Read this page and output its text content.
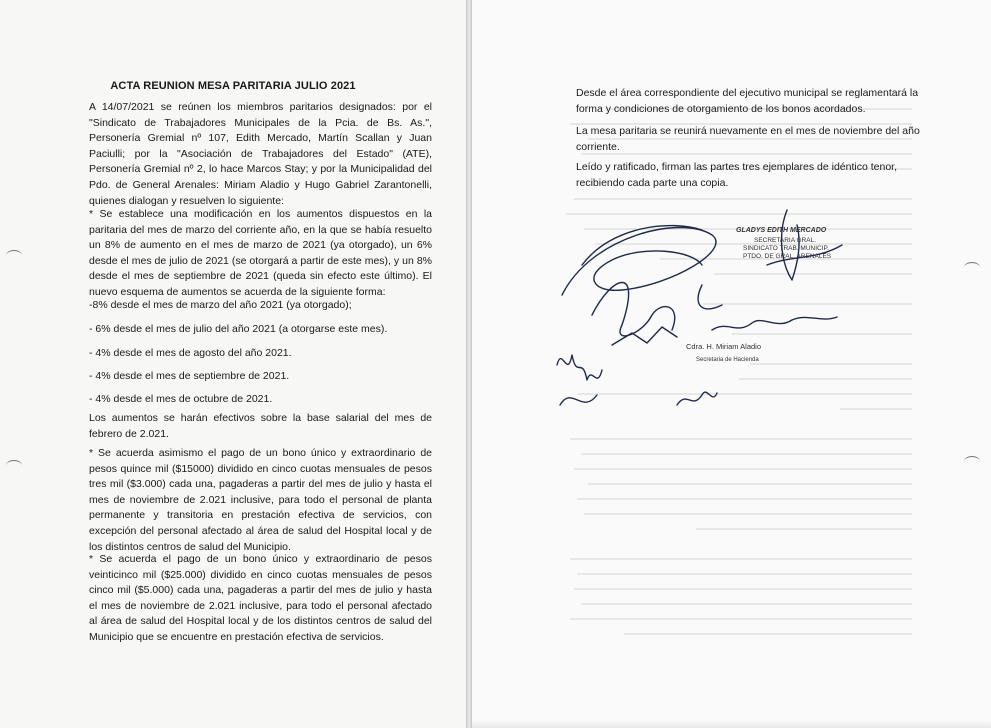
ACTA REUNION MESA PARITARIA JULIO 2021

A 14/07/2021 se reúnen los miembros paritarios designados: por el "Sindicato de Trabajadores Municipales de la Pcia. de Bs. As.", Personería Gremial nº 107, Edith Mercado, Martín Scallan y Juan Paciulli; por la "Asociación de Trabajadores del Estado" (ATE), Personería Gremial nº 2, lo hace Marcos Stay; y por la Municipalidad del Pdo. de General Arenales: Miriam Aladio y Hugo Gabriel Zarantonelli, quienes dialogan y resuelven lo siguiente:

* Se establece una modificación en los aumentos dispuestos en la paritaria del mes de marzo del corriente año, en la que se había resuelto un 8% de aumento en el mes de marzo de 2021 (ya otorgado), un 6% desde el mes de julio de 2021 (se otorgará a partir de este mes), y un 8% desde el mes de septiembre de 2021 (queda sin efecto este último). El nuevo esquema de aumentos se acuerda de la siguiente forma:

-8% desde el mes de marzo del año 2021 (ya otorgado);
- 6% desde el mes de julio del año 2021 (a otorgarse este mes).
- 4% desde el mes de agosto del año 2021.
- 4% desde el mes de septiembre de 2021.
- 4% desde el mes de octubre de 2021.

Los aumentos se harán efectivos sobre la base salarial del mes de febrero de 2.021.

* Se acuerda asimismo el pago de un bono único y extraordinario de pesos quince mil ($15000) dividido en cinco cuotas mensuales de pesos tres mil ($3.000) cada una, pagaderas a partir del mes de julio y hasta el mes de noviembre de 2.021 inclusive, para todo el personal de planta permanente y transitoria en prestación efectiva de servicios, con excepción del personal afectado al área de salud del Hospital local y de los distintos centros de salud del Municipio.

* Se acuerda el pago de un bono único y extraordinario de pesos veinticinco mil ($25.000) dividido en cinco cuotas mensuales de pesos cinco mil ($5.000) cada una, pagaderas a partir del mes de julio y hasta el mes de noviembre de 2.021 inclusive, para todo el personal afectado al área de salud del Hospital local y de los distintos centros de salud del Municipio que se encuentre en prestación efectiva de servicios.

Desde el área correspondiente del ejecutivo municipal se reglamentará la forma y condiciones de otorgamiento de los bonos acordados.

La mesa paritaria se reunirá nuevamente en el mes de noviembre del año corriente.

Leído y ratificado, firman las partes tres ejemplares de idéntico tenor, recibiendo cada parte una copia.

GLADYS EDITH MERCADO
SECRETARIA GRAL.
SINDICATO TRAB. MUNICIP.
PTDO. DE GRAL. ARENALES
Cdra. H. Miriam Aladio
Secretaria de Hacienda
